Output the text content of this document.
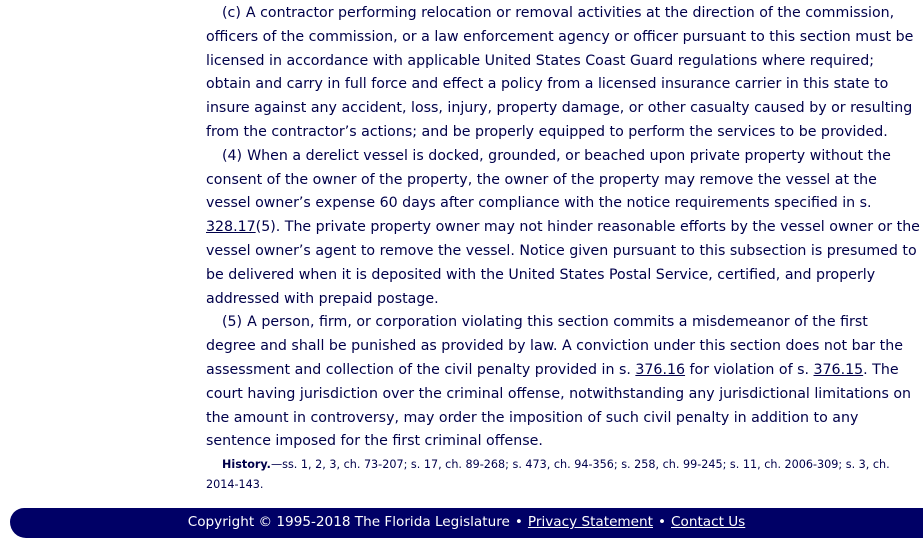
(c) A contractor performing relocation or removal activities at the direction of the commission, officers of the commission, or a law enforcement agency or officer pursuant to this section must be licensed in accordance with applicable United States Coast Guard regulations where required; obtain and carry in full force and effect a policy from a licensed insurance carrier in this state to insure against any accident, loss, injury, property damage, or other casualty caused by or resulting from the contractor’s actions; and be properly equipped to perform the services to be provided.

(4) When a derelict vessel is docked, grounded, or beached upon private property without the consent of the owner of the property, the owner of the property may remove the vessel at the vessel owner’s expense 60 days after compliance with the notice requirements specified in s. 328.17(5). The private property owner may not hinder reasonable efforts by the vessel owner or the vessel owner’s agent to remove the vessel. Notice given pursuant to this subsection is presumed to be delivered when it is deposited with the United States Postal Service, certified, and properly addressed with prepaid postage.

(5) A person, firm, or corporation violating this section commits a misdemeanor of the first degree and shall be punished as provided by law. A conviction under this section does not bar the assessment and collection of the civil penalty provided in s. 376.16 for violation of s. 376.15. The court having jurisdiction over the criminal offense, notwithstanding any jurisdictional limitations on the amount in controversy, may order the imposition of such civil penalty in addition to any sentence imposed for the first criminal offense.

History.—ss. 1, 2, 3, ch. 73-207; s. 17, ch. 89-268; s. 473, ch. 94-356; s. 258, ch. 99-245; s. 11, ch. 2006-309; s. 3, ch. 2014-143.

Copyright © 1995-2018 The Florida Legislature • Privacy Statement • Contact Us
